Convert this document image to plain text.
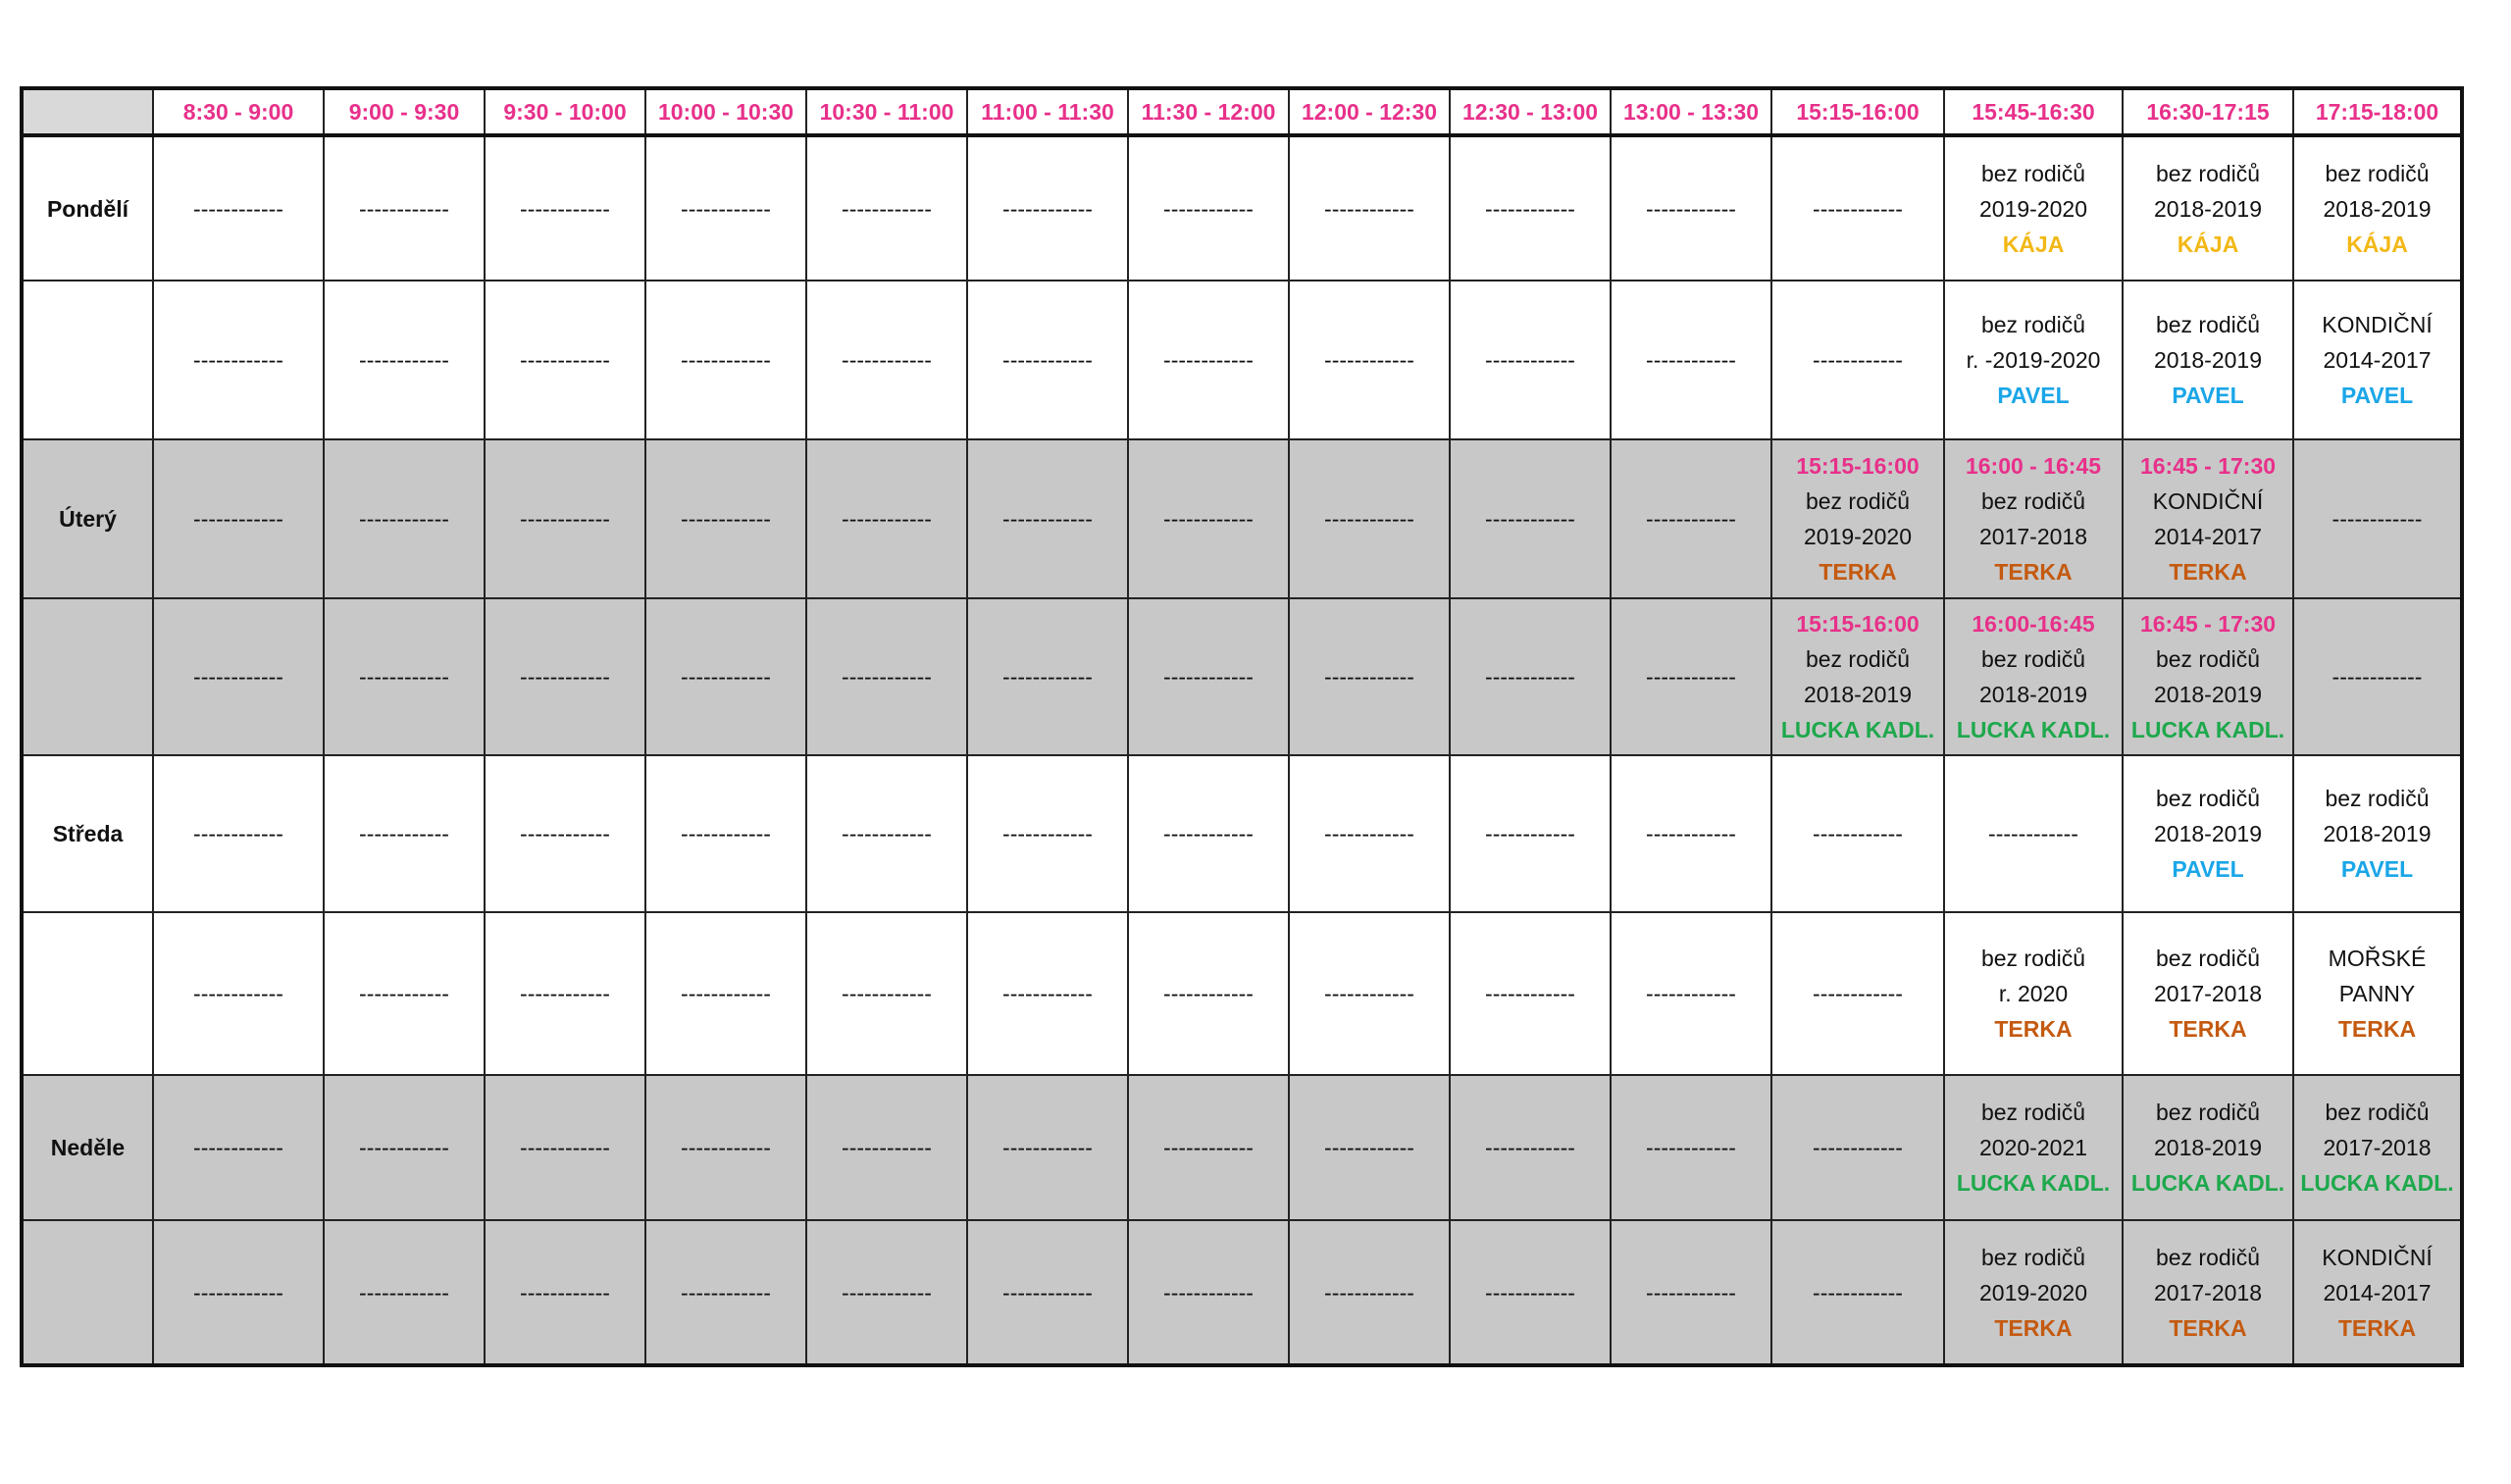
	8:30 - 9:00	9:00 - 9:30	9:30 - 10:00	10:00 - 10:30	10:30 - 11:00	11:00 - 11:30	11:30 - 12:00	12:00 - 12:30	12:30 - 13:00	13:00 - 13:30	15:15-16:00	15:45-16:30	16:30-17:15	17:15-18:00
Pondělí	------------	------------	------------	------------	------------	------------	------------	------------	------------	------------	------------	bez rodičů
2019-2020
KÁJA	bez rodičů
2018-2019
KÁJA	bez rodičů
2018-2019
KÁJA

	------------	------------	------------	------------	------------	------------	------------	------------	------------	------------	------------	bez rodičů
r. -2019-2020
PAVEL	bez rodičů
2018-2019
PAVEL	KONDIČNÍ
2014-2017
PAVEL

Úterý	------------	------------	------------	------------	------------	------------	------------	------------	------------	------------	15:15-16:00
bez rodičů
2019-2020
TERKA	16:00 - 16:45
bez rodičů
2017-2018
TERKA	16:45 - 17:30
KONDIČNÍ
2014-2017
TERKA	------------
	------------	------------	------------	------------	------------	------------	------------	------------	------------	------------	15:15-16:00
bez rodičů
2018-2019
LUCKA KADL.	16:00-16:45
bez rodičů
2018-2019
LUCKA KADL.	16:45 - 17:30
bez rodičů
2018-2019
LUCKA KADL.	------------
Středa	------------	------------	------------	------------	------------	------------	------------	------------	------------	------------	------------	------------	bez rodičů
2018-2019
PAVEL	bez rodičů
2018-2019
PAVEL

	------------	------------	------------	------------	------------	------------	------------	------------	------------	------------	------------	bez rodičů
r. 2020
TERKA	bez rodičů
2017-2018
TERKA	MOŘSKÉ
PANNY
TERKA

Neděle	------------	------------	------------	------------	------------	------------	------------	------------	------------	------------	------------	bez rodičů
2020-2021
LUCKA KADL.	bez rodičů
2018-2019
LUCKA KADL.	bez rodičů
2017-2018
LUCKA KADL.

	------------	------------	------------	------------	------------	------------	------------	------------	------------	------------	------------	bez rodičů
2019-2020
TERKA	bez rodičů
2017-2018
TERKA	KONDIČNÍ
2014-2017
TERKA
